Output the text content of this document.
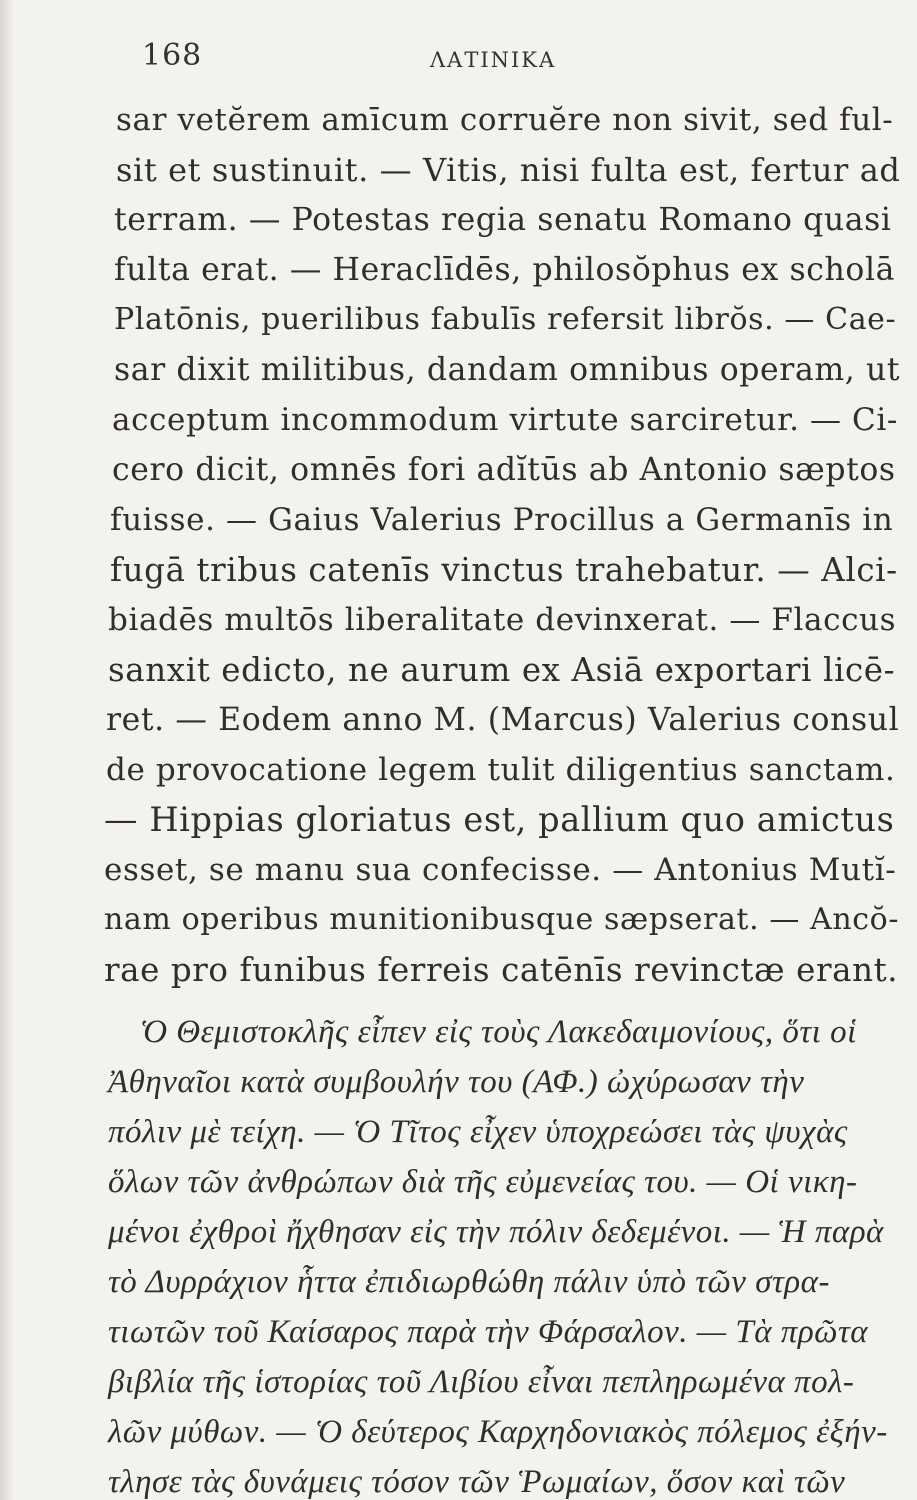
168	ΛΑΤΙΝΙΚΑ
sar vetĕrem amīcum corruĕre non sivit, sed ful-
sit et sustinuit. — Vitis, nisi fulta est, fertur ad
terram. — Potestas regia senatu Romano quasi
fulta erat. — Heraclīdēs, philosŏphus ex scholā
Platōnis, puerilibus fabulīs refersit librŏs. — Cae-
sar dixit militibus, dandam omnibus operam, ut
acceptum incommodum virtute sarciretur. — Ci-
cero dicit, omnēs fori adĭtūs ab Antonio sæptos
fuisse. — Gaius Valerius Procillus a Germanīs in
fugā tribus catenīs vinctus trahebatur. — Alci-
biadēs multōs liberalitate devinxerat. — Flaccus
sanxit edicto, ne aurum ex Asiā exportari licē-
ret. — Eodem anno M. (Marcus) Valerius consul
de provocatione legem tulit diligentius sanctam.
— Hippias gloriatus est, pallium quo amictus
esset, se manu sua confecisse. — Antonius Mutĭ-
nam operibus munitionibusque sæpserat. — Ancŏ-
rae pro funibus ferreis catēnīs revinctæ erant.
Ὁ Θεμιστοκλῆς εἶπεν εἰς τοὺς Λακεδαιμονίους, ὅτι οἱ
Ἀθηναῖοι κατὰ συμβουλήν του (ΑΦ.) ὠχύρωσαν τὴν
πόλιν μὲ τείχη. — Ὁ Τῖτος εἶχεν ὑποχρεώσει τὰς ψυχὰς
ὅλων τῶν ἀνθρώπων διὰ τῆς εὐμενείας του. — Οἱ νικη-
μένοι ἐχθροὶ ἤχθησαν εἰς τὴν πόλιν δεδεμένοι. — Ἡ παρὰ
τὸ Δυρράχιον ἧττα ἐπιδιωρθώθη πάλιν ὑπὸ τῶν στρα-
τιωτῶν τοῦ Καίσαρος παρὰ τὴν Φάρσαλον. — Τὰ πρῶτα
βιβλία τῆς ἱστορίας τοῦ Λιβίου εἶναι πεπληρωμένα πολ-
λῶν μύθων. — Ὁ δεύτερος Καρχηδονιακὸς πόλεμος ἐξήν-
τλησε τὰς δυνάμεις τόσον τῶν Ῥωμαίων, ὅσον καὶ τῶν
